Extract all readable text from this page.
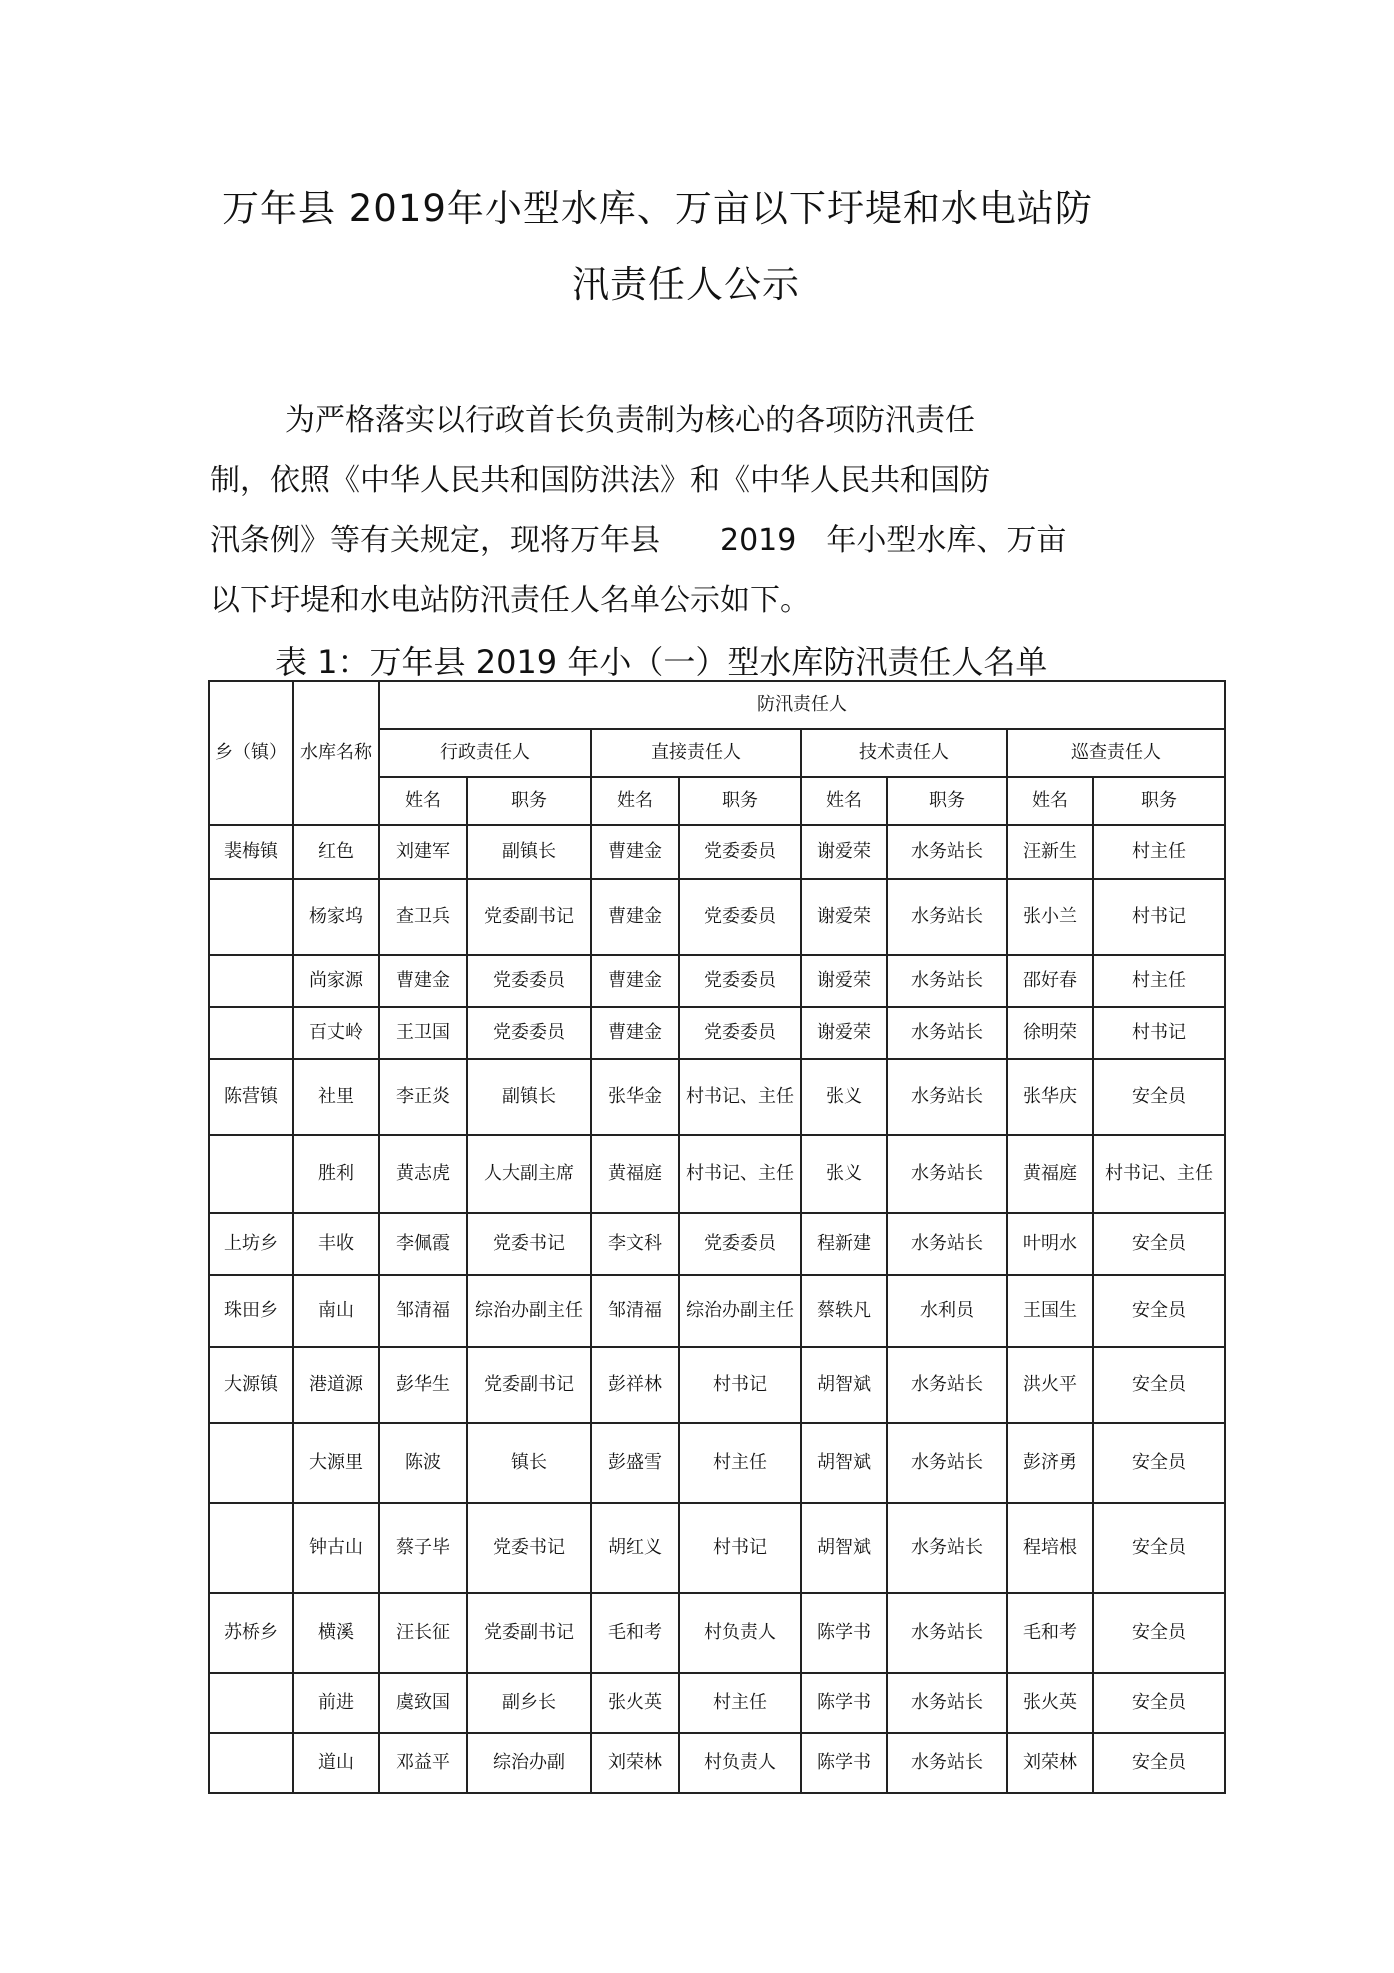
万年县 2019年小型水库、万亩以下圩堤和水电站防
汛责任人公示
为严格落实以行政首长负责制为核心的各项防汛责任
制，依照《中华人民共和国防洪法》和《中华人民共和国防
汛条例》等有关规定，现将万年县　　2019　年小型水库、万亩
以下圩堤和水电站防汛责任人名单公示如下。
表 1：万年县 2019 年小（一）型水库防汛责任人名单
乡（镇）	水库名称	防汛责任人							
		行政责任人		直接责任人		技术责任人		巡查责任人	
		姓名	职务	姓名	职务	姓名	职务	姓名	职务
裴梅镇	红色	刘建军	副镇长	曹建金	党委委员	谢爱荣	水务站长	汪新生	村主任
	杨家坞	查卫兵	党委副书记	曹建金	党委委员	谢爱荣	水务站长	张小兰	村书记
	尚家源	曹建金	党委委员	曹建金	党委委员	谢爱荣	水务站长	邵好春	村主任
	百丈岭	王卫国	党委委员	曹建金	党委委员	谢爱荣	水务站长	徐明荣	村书记
陈营镇	社里	李正炎	副镇长	张华金	村书记、主任	张义	水务站长	张华庆	安全员
	胜利	黄志虎	人大副主席	黄福庭	村书记、主任	张义	水务站长	黄福庭	村书记、主任
上坊乡	丰收	李佩霞	党委书记	李文科	党委委员	程新建	水务站长	叶明水	安全员
珠田乡	南山	邹清福	综治办副主任	邹清福	综治办副主任	蔡轶凡	水利员	王国生	安全员
大源镇	港道源	彭华生	党委副书记	彭祥林	村书记	胡智斌	水务站长	洪火平	安全员
	大源里	陈波	镇长	彭盛雪	村主任	胡智斌	水务站长	彭济勇	安全员
	钟古山	蔡子毕	党委书记	胡红义	村书记	胡智斌	水务站长	程培根	安全员
苏桥乡	横溪	汪长征	党委副书记	毛和考	村负责人	陈学书	水务站长	毛和考	安全员
	前进	虞致国	副乡长	张火英	村主任	陈学书	水务站长	张火英	安全员
	道山	邓益平	综治办副	刘荣林	村负责人	陈学书	水务站长	刘荣林	安全员
